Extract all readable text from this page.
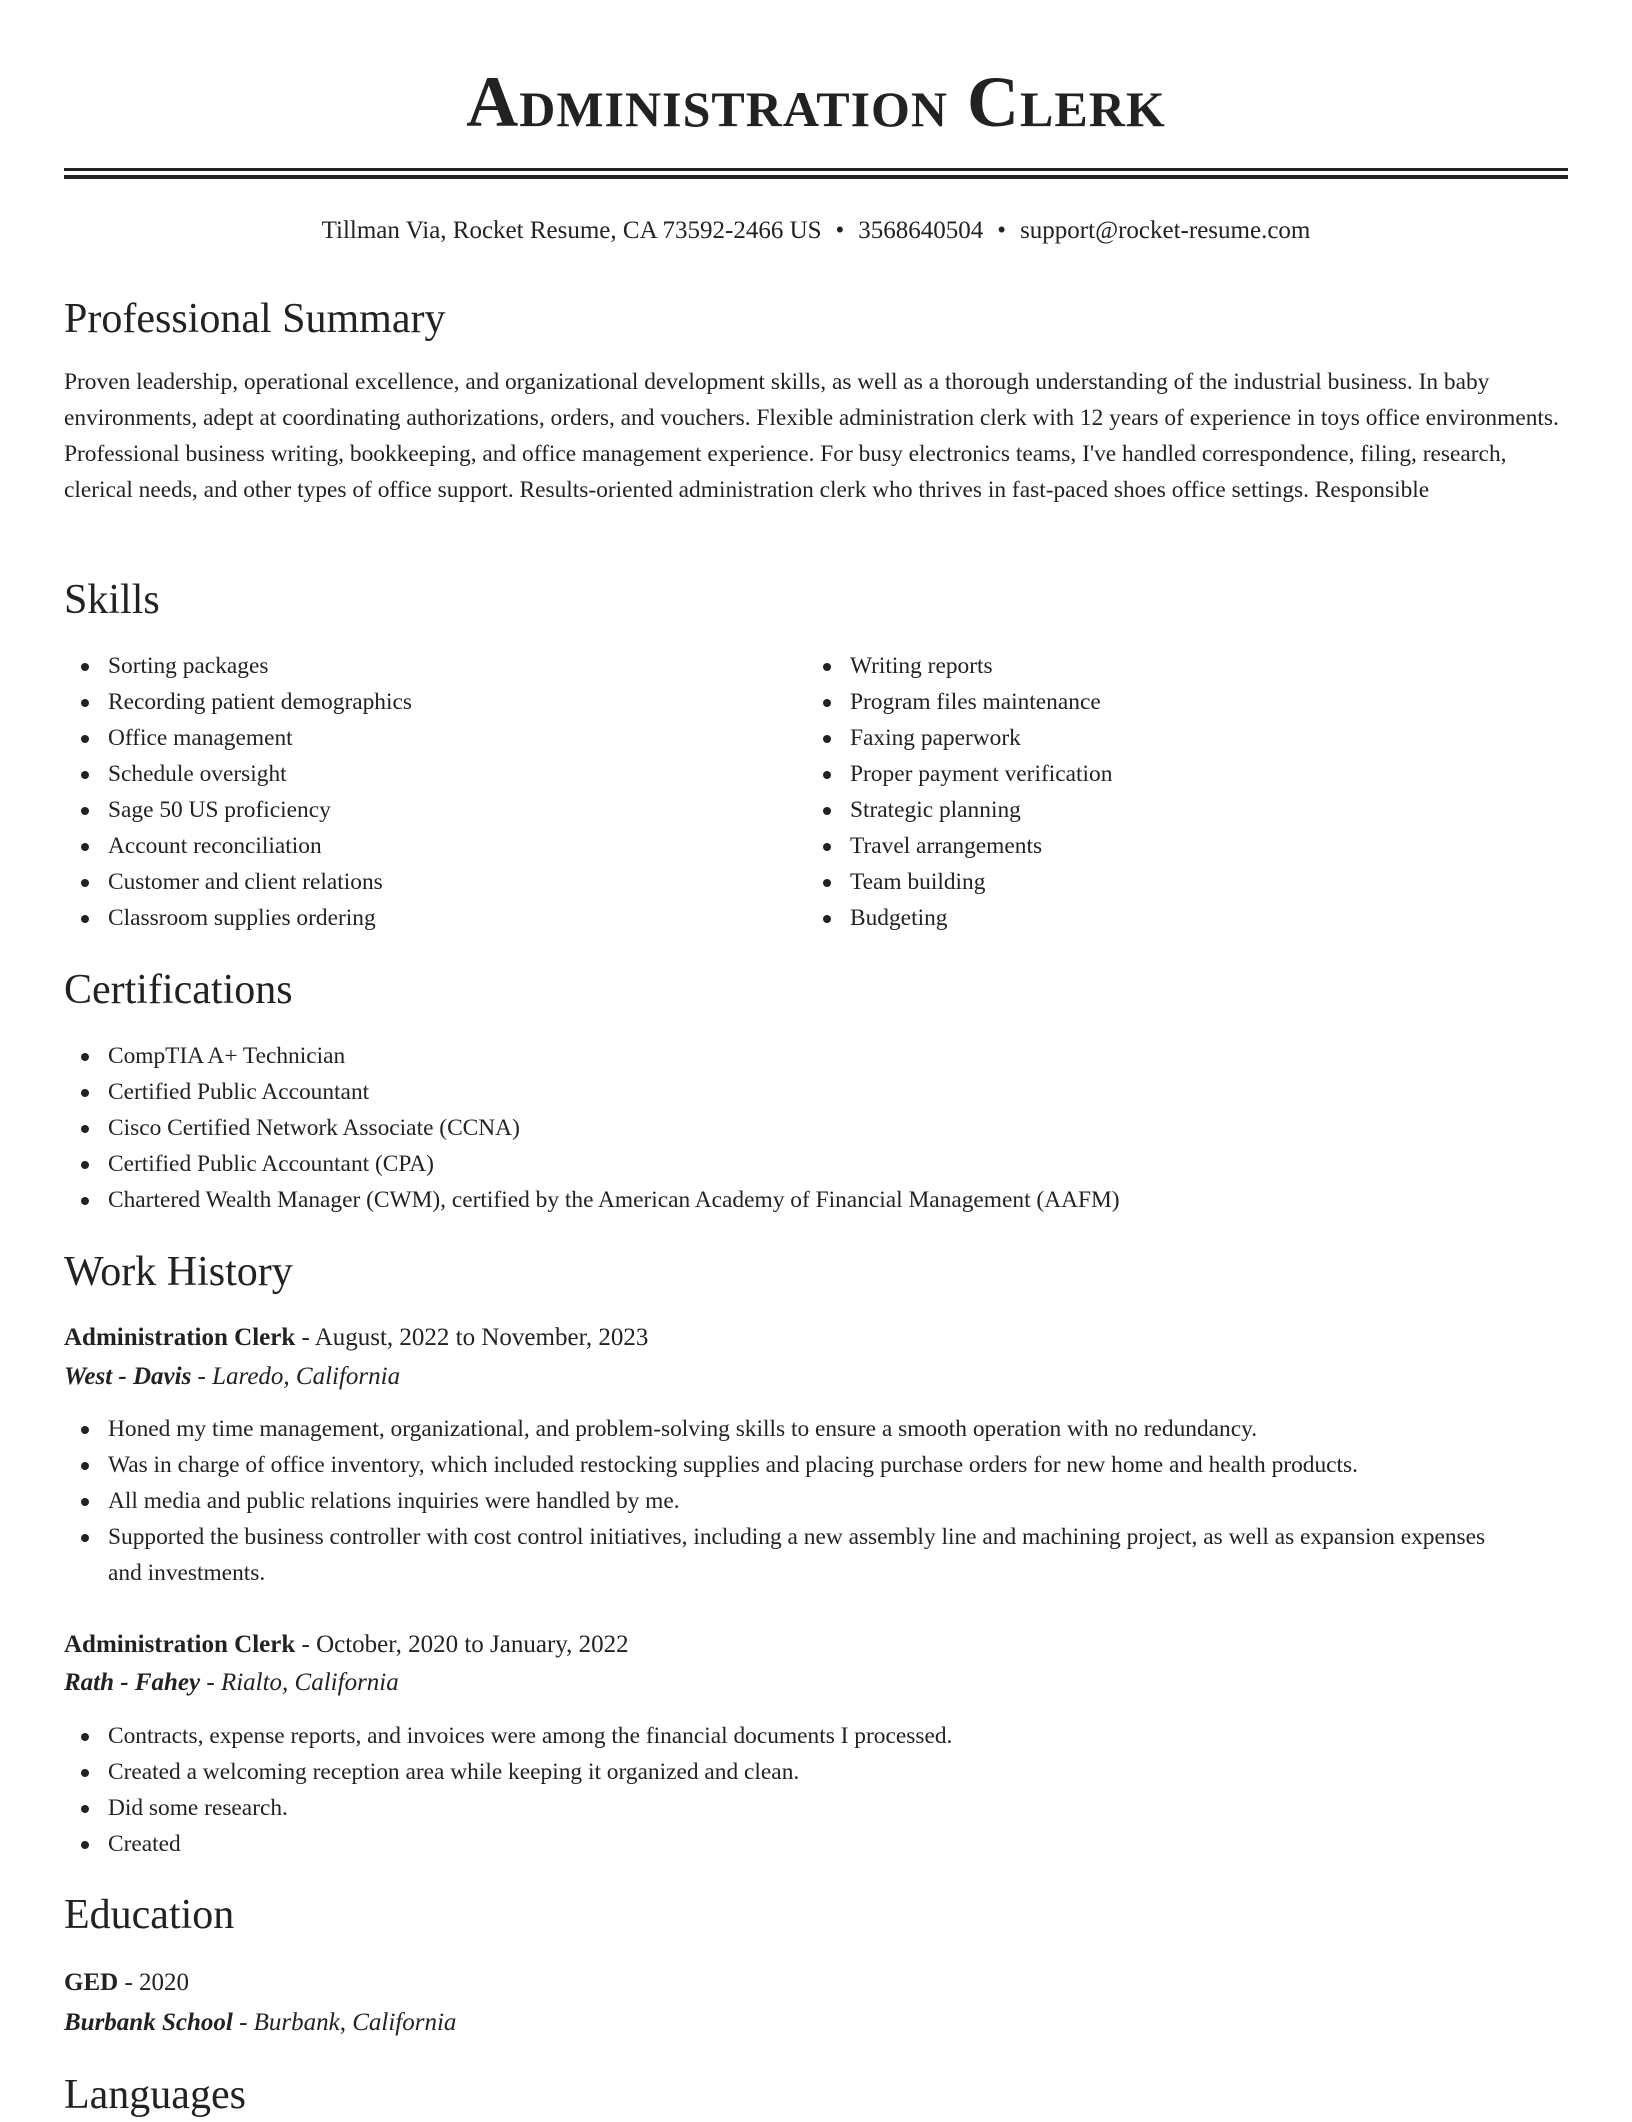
Administration Clerk
Tillman Via, Rocket Resume, CA 73592-2466 US • 3568640504 • support@rocket-resume.com
Professional Summary

Proven leadership, operational excellence, and organizational development skills, as well as a thorough understanding of the industrial business. In baby environments, adept at coordinating authorizations, orders, and vouchers. Flexible administration clerk with 12 years of experience in toys office environments. Professional business writing, bookkeeping, and office management experience. For busy electronics teams, I've handled correspondence, filing, research, clerical needs, and other types of office support. Results-oriented administration clerk who thrives in fast-paced shoes office settings. Responsible

Skills
Sorting packages
Recording patient demographics
Office management
Schedule oversight
Sage 50 US proficiency
Account reconciliation
Customer and client relations
Classroom supplies ordering
Writing reports
Program files maintenance
Faxing paperwork
Proper payment verification
Strategic planning
Travel arrangements
Team building
Budgeting
Certifications
CompTIA A+ Technician
Certified Public Accountant
Cisco Certified Network Associate (CCNA)
Certified Public Accountant (CPA)
Chartered Wealth Manager (CWM), certified by the American Academy of Financial Management (AAFM)
Work History
Administration Clerk - August, 2022 to November, 2023
West - Davis - Laredo, California
Honed my time management, organizational, and problem-solving skills to ensure a smooth operation with no redundancy.
Was in charge of office inventory, which included restocking supplies and placing purchase orders for new home and health products.
All media and public relations inquiries were handled by me.
Supported the business controller with cost control initiatives, including a new assembly line and machining project, as well as expansion expenses and investments.
Administration Clerk - October, 2020 to January, 2022
Rath - Fahey - Rialto, California
Contracts, expense reports, and invoices were among the financial documents I processed.
Created a welcoming reception area while keeping it organized and clean.
Did some research.
Created
Education
GED - 2020
Burbank School - Burbank, California
Languages
